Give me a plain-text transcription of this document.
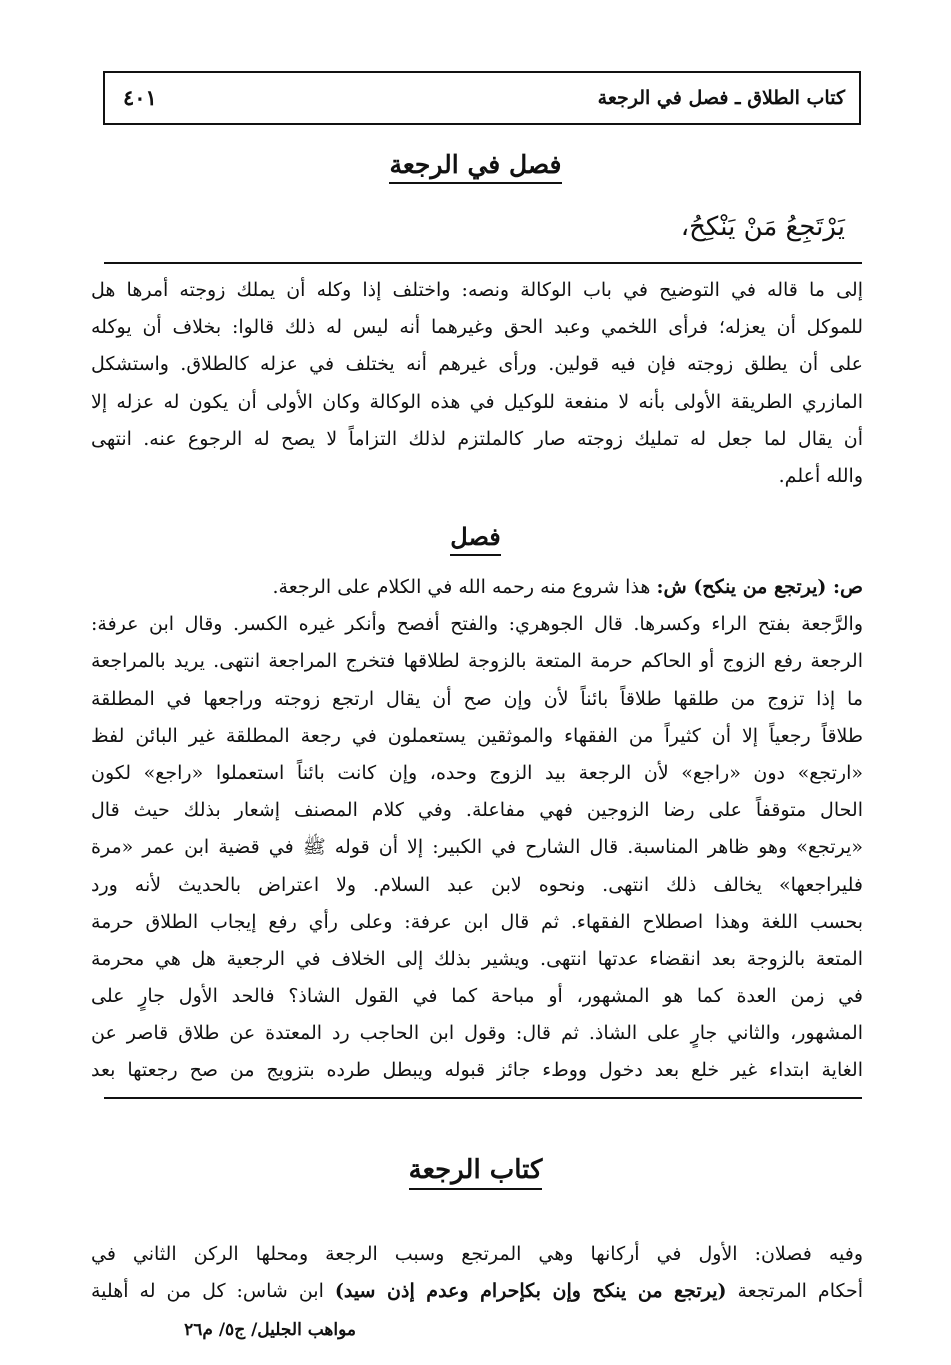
كتاب الطلاق ـ فصل في الرجعة
٤٠١
فصل في الرجعة
يَرْتَجِعُ مَنْ يَنْكِحُ،
إلى ما قاله في التوضيح في باب الوكالة ونصه: واختلف إذا وكله أن يملك زوجته أمرها هل
للموكل أن يعزله؛ فرأى اللخمي وعبد الحق وغيرهما أنه ليس له ذلك قالوا: بخلاف أن يوكله
على أن يطلق زوجته فإن فيه قولين. ورأى غيرهم أنه يختلف في عزله كالطلاق. واستشكل
المازري الطريقة الأولى بأنه لا منفعة للوكيل في هذه الوكالة وكان الأولى أن يكون له عزله إلا
أن يقال لما جعل له تمليك زوجته صار كالملتزم لذلك التزاماً لا يصح له الرجوع عنه. انتهى
والله أعلم.
فصل
ص: (يرتجع من ينكح) ش: هذا شروع منه رحمه الله في الكلام على الرجعة.
والرَّجعة بفتح الراء وكسرها. قال الجوهري: والفتح أفصح وأنكر غيره الكسر. وقال ابن عرفة:
الرجعة رفع الزوج أو الحاكم حرمة المتعة بالزوجة لطلاقها فتخرج المراجعة انتهى. يريد بالمراجعة
ما إذا تزوج من طلقها طلاقاً بائناً لأن وإن صح أن يقال ارتجع زوجته وراجعها في المطلقة
طلاقاً رجعياً إلا أن كثيراً من الفقهاء والموثقين يستعملون في رجعة المطلقة غير البائن لفظ
«ارتجع» دون «راجع» لأن الرجعة بيد الزوج وحده، وإن كانت بائناً استعملوا «راجع» لكون
الحال متوقفاً على رضا الزوجين فهي مفاعلة. وفي كلام المصنف إشعار بذلك حيث قال
«يرتجع» وهو ظاهر المناسبة. قال الشارح في الكبير: إلا أن قوله ﷺ في قضية ابن عمر «مرة
فليراجعها» يخالف ذلك انتهى. ونحوه لابن عبد السلام. ولا اعتراض بالحديث لأنه ورد
بحسب اللغة وهذا اصطلاح الفقهاء. ثم قال ابن عرفة: وعلى رأي رفع إيجاب الطلاق حرمة
المتعة بالزوجة بعد انقضاء عدتها انتهى. ويشير بذلك إلى الخلاف في الرجعية هل هي محرمة
في زمن العدة كما هو المشهور، أو مباحة كما في القول الشاذ؟ فالحد الأول جارٍ على
المشهور، والثاني جارٍ على الشاذ. ثم قال: وقول ابن الحاجب رد المعتدة عن طلاق قاصر عن
الغاية ابتداء غير خلع بعد دخول ووطء جائز قبوله ويبطل طرده بتزويج من صح رجعتها بعد
كتاب الرجعة
وفيه فصلان: الأول في أركانها وهي المرتجع وسبب الرجعة ومحلها الركن الثاني في
أحكام المرتجعة (يرتجع من ينكح وإن بكإحرام وعدم إذن سيد) ابن شاس: كل من له أهلية
مواهب الجليل/ ج٥/ م٢٦
